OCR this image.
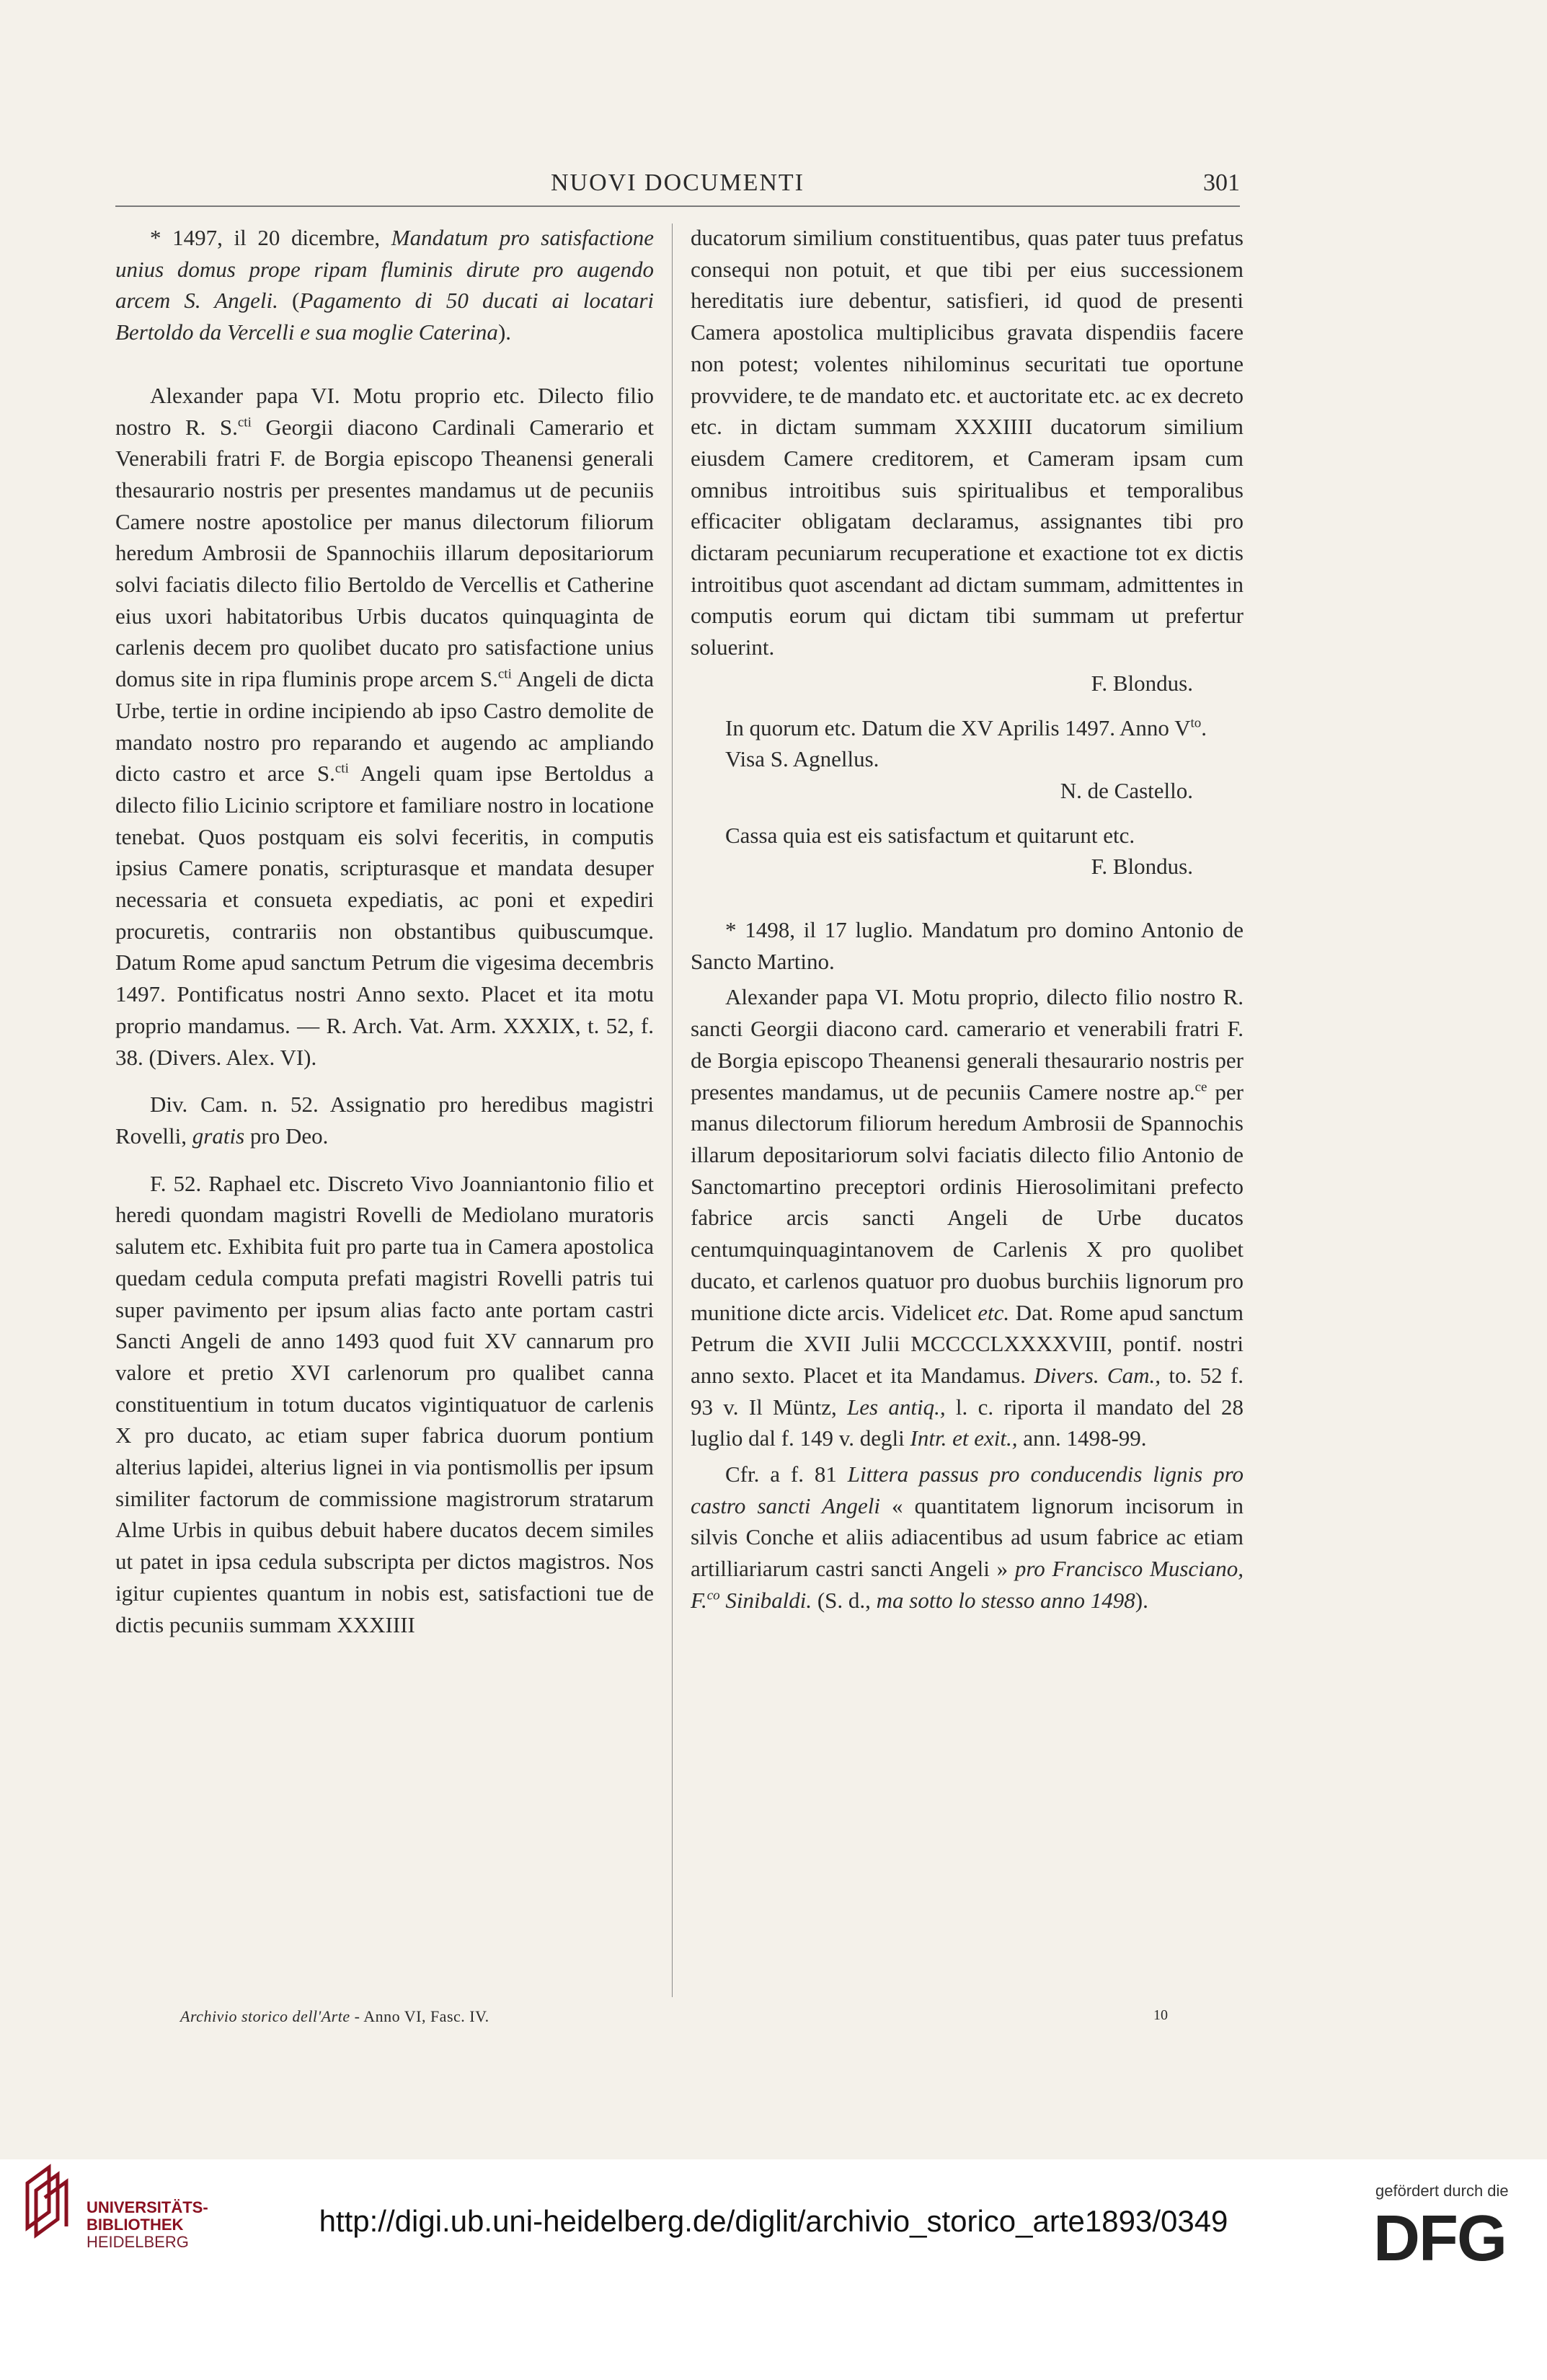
NUOVI DOCUMENTI	301

* 1497, il 20 dicembre, Mandatum pro satisfactione unius domus prope ripam fluminis dirute pro augendo arcem S. Angeli. (Pagamento di 50 ducati ai locatari Bertoldo da Vercelli e sua moglie Caterina).

Alexander papa VI. Motu proprio etc. Dilecto filio nostro R. S.$^{cti}$ Georgii diacono Cardinali Camerario et Venerabili fratri F. de Borgia episcopo Theanensi generali thesaurario nostris per presentes mandamus ut de pecuniis Camere nostre apostolice per manus dilectorum filiorum heredum Ambrosii de Spannochiis illarum depositariorum solvi faciatis dilecto filio Bertoldo de Vercellis et Catherine eius uxori habitatoribus Urbis ducatos quinquaginta de carlenis decem pro quolibet ducato pro satisfactione unius domus site in ripa fluminis prope arcem S.$^{cti}$ Angeli de dicta Urbe, tertie in ordine incipiendo ab ipso Castro demolite de mandato nostro pro reparando et augendo ac ampliando dicto castro et arce S.$^{cti}$ Angeli quam ipse Bertoldus a dilecto filio Licinio scriptore et familiare nostro in locatione tenebat. Quos postquam eis solvi feceritis, in computis ipsius Camere ponatis, scripturasque et mandata desuper necessaria et consueta expediatis, ac poni et expediri procuretis, contrariis non obstantibus quibuscumque. Datum Rome apud sanctum Petrum die vigesima decembris 1497. Pontificatus nostri Anno sexto. Placet et ita motu proprio mandamus. — R. Arch. Vat. Arm. XXXIX, t. 52, f. 38. (Divers. Alex. VI).

Div. Cam. n. 52. Assignatio pro heredibus magistri Rovelli, gratis pro Deo.

F. 52. Raphael etc. Discreto Vivo Joanniantonio filio et heredi quondam magistri Rovelli de Mediolano muratoris salutem etc. Exhibita fuit pro parte tua in Camera apostolica quedam cedula computa prefati magistri Rovelli patris tui super pavimento per ipsum alias facto ante portam castri Sancti Angeli de anno 1493 quod fuit XV cannarum pro valore et pretio XVI carlenorum pro qualibet canna constituentium in totum ducatos vigintiquatuor de carlenis X pro ducato, ac etiam super fabrica duorum pontium alterius lapidei, alterius lignei in via pontismollis per ipsum similiter factorum de commissione magistrorum stratarum Alme Urbis in quibus debuit habere ducatos decem similes ut patet in ipsa cedula subscripta per dictos magistros. Nos igitur cupientes quantum in nobis est, satisfactioni tue de dictis pecuniis summam XXXIIII

ducatorum similium constituentibus, quas pater tuus prefatus consequi non potuit, et que tibi per eius successionem hereditatis iure debentur, satisfieri, id quod de presenti Camera apostolica multiplicibus gravata dispendiis facere non potest; volentes nihilominus securitati tue oportune provvidere, te de mandato etc. et auctoritate etc. ac ex decreto etc. in dictam summam XXXIIII ducatorum similium eiusdem Camere creditorem, et Cameram ipsam cum omnibus introitibus suis spiritualibus et temporalibus efficaciter obligatam declaramus, assignantes tibi pro dictaram pecuniarum recuperatione et exactione tot ex dictis introitibus quot ascendant ad dictam summam, admittentes in computis eorum qui dictam tibi summam ut prefertur soluerint.

F. Blondus.

In quorum etc. Datum die XV Aprilis 1497. Anno $V^{to}$.

Visa S. Agnellus.

N. de Castello.

Cassa quia est eis satisfactum et quitarunt etc.

F. Blondus.

* 1498, il 17 luglio. Mandatum pro domino Antonio de Sancto Martino.

Alexander papa VI. Motu proprio, dilecto filio nostro R. sancti Georgii diacono card. camerario et venerabili fratri F. de Borgia episcopo Theanensi generali thesaurario nostris per presentes mandamus, ut de pecuniis Camere nostre ap.$^{ce}$ per manus dilectorum filiorum heredum Ambrosii de Spannochis illarum depositariorum solvi faciatis dilecto filio Antonio de Sanctomartino preceptori ordinis Hierosolimitani prefecto fabrice arcis sancti Angeli de Urbe ducatos centumquinquagintanovem de Carlenis X pro quolibet ducato, et carlenos quatuor pro duobus burchiis lignorum pro munitione dicte arcis. Videlicet etc. Dat. Rome apud sanctum Petrum die XVII Julii MCCCCLXXXXVIII, pontif. nostri anno sexto. Placet et ita Mandamus. Divers. Cam., to. 52 f. 93 v. Il Müntz, Les antiq., l. c. riporta il mandato del 28 luglio dal f. 149 v. degli Intr. et exit., ann. 1498-99.

Cfr. a f. 81 Littera passus pro conducendis lignis pro castro sancti Angeli « quantitatem lignorum incisorum in silvis Conche et aliis adiacentibus ad usum fabrice ac etiam artilliariarum castri sancti Angeli » pro Francisco Musciano, F.$^{co}$ Sinibaldi. (S. d., ma sotto lo stesso anno 1498).

Archivio storico dell'Arte - Anno VI, Fasc. IV.	10
UNIVERSITÄTS-
BIBLIOTHEK
HEIDELBERG
http://digi.ub.uni-heidelberg.de/diglit/archivio_storico_arte1893/0349
gefördert durch die
DFG
